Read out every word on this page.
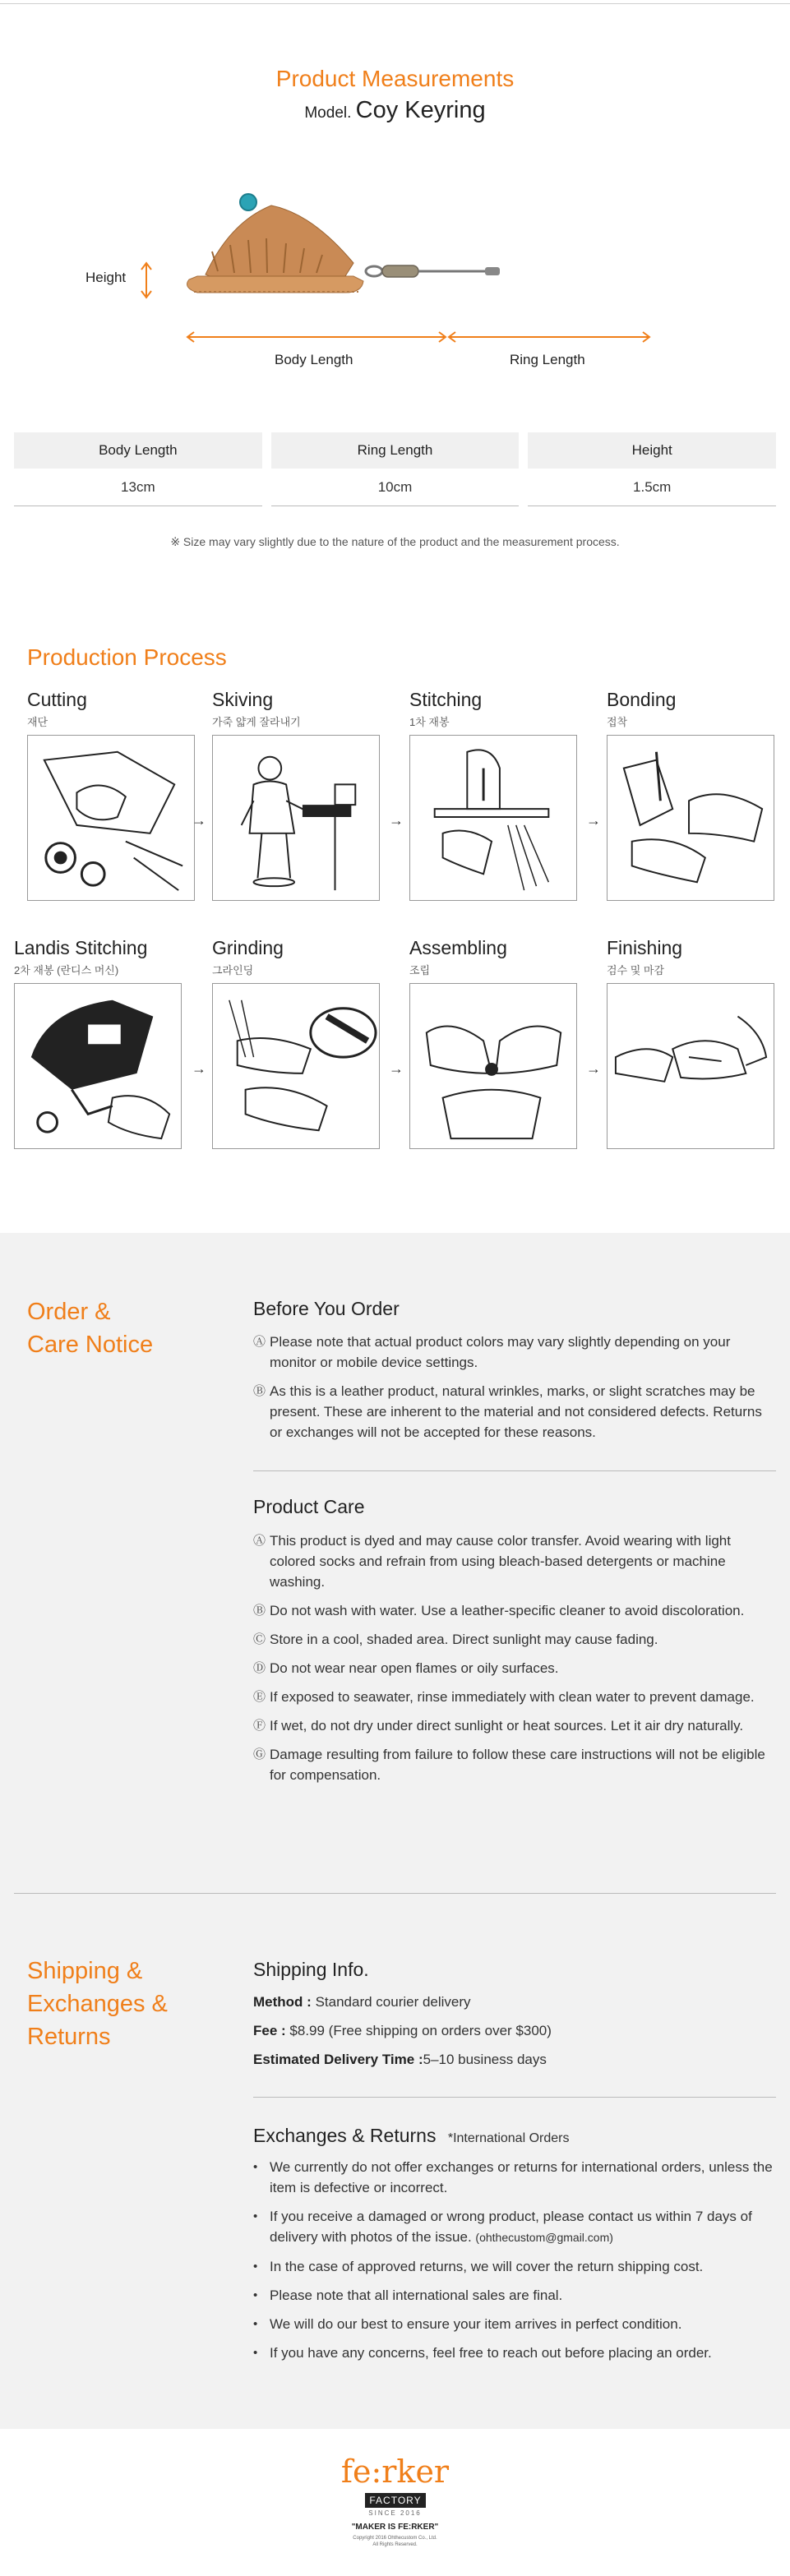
Product Measurements
Model. Coy Keyring
Height
Body Length	Ring Length
Body Length
13cm
Ring Length
10cm
Height
1.5cm
※ Size may vary slightly due to the nature of the product and the measurement process.
Production Process
Cutting
재단
→
Skiving
가죽 얇게 잘라내기
→
Stitching
1차 재봉
→
Bonding
접착
Landis Stitching
2차 재봉 (란디스 머신)
→
Grinding
그라인딩
→
Assembling
조립
→
Finishing
검수 및 마감
Order &
Care Notice
Before You Order
Ⓐ Please note that actual product colors may vary slightly depending on your monitor or mobile device settings.
Ⓑ As this is a leather product, natural wrinkles, marks, or slight scratches may be present. These are inherent to the material and not considered defects. Returns or exchanges will not be accepted for these reasons.
Product Care
Ⓐ This product is dyed and may cause color transfer. Avoid wearing with light colored socks and refrain from using bleach-based detergents or machine washing.
Ⓑ Do not wash with water. Use a leather-specific cleaner to avoid discoloration.
Ⓒ Store in a cool, shaded area. Direct sunlight may cause fading.
Ⓓ Do not wear near open flames or oily surfaces.
Ⓔ If exposed to seawater, rinse immediately with clean water to prevent damage.
Ⓕ If wet, do not dry under direct sunlight or heat sources. Let it air dry naturally.
Ⓖ Damage resulting from failure to follow these care instructions will not be eligible for compensation.
Shipping &
Exchanges &
Returns
Shipping Info.
Method : Standard courier delivery
Fee : $8.99 (Free shipping on orders over $300)
Estimated Delivery Time :5–10 business days
Exchanges & Returns *International Orders
• We currently do not offer exchanges or returns for international orders, unless the item is defective or incorrect.
• If you receive a damaged or wrong product, please contact us within 7 days of delivery with photos of the issue. (ohthecustom@gmail.com)
• In the case of approved returns, we will cover the return shipping cost.
• Please note that all international sales are final.
• We will do our best to ensure your item arrives in perfect condition.
• If you have any concerns, feel free to reach out before placing an order.
fe:rker
FACTORY
SINCE 2016
"MAKER IS FE:RKER"
Copyright 2016 Ohthecustom Co., Ltd.
All Rights Reserved.
